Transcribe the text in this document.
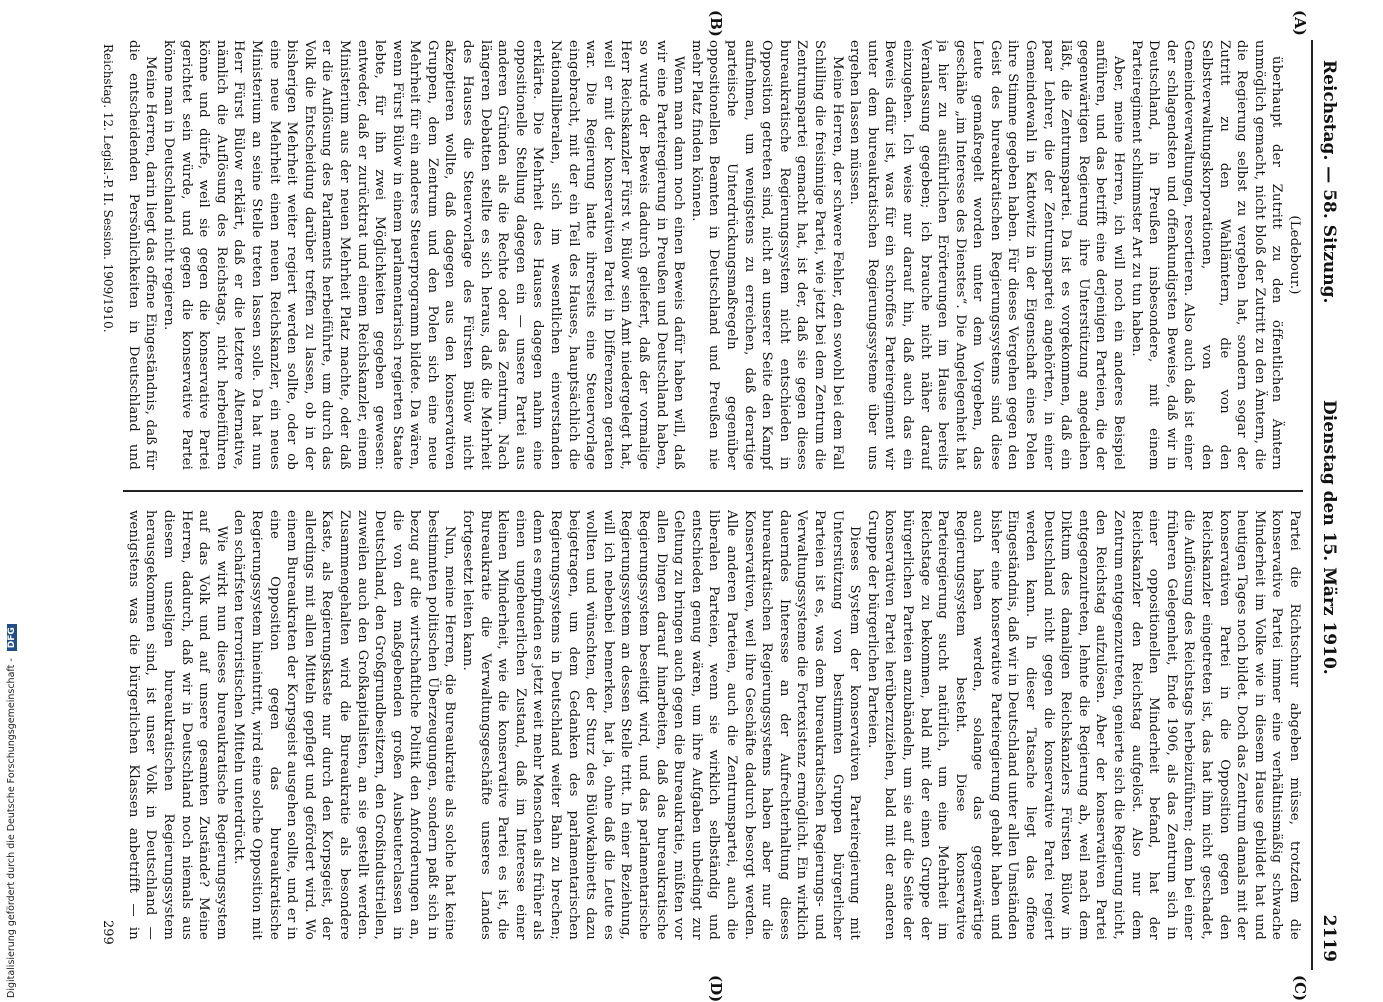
Reichstag. — 58. Sitzung.
Dienstag den 15. März 1910.
2119

(Ledebour.)

überhaupt der Zutritt zu den öffentlichen Ämtern unmöglich gemacht, nicht bloß der Zutritt zu den Ämtern, die die Regierung selbst zu vergeben hat, sondern sogar der Zutritt zu den Wahlämtern, die von den Selbstverwaltungskorporationen, von den Gemeindeverwaltungen, resortieren. Also auch daß ist einer der schlagendsten und offenkundigsten Beweise, daß wir in Deutschland, in Preußen insbesondere, mit einem Parteiregiment schlimmster Art zu tun haben.

Aber, meine Herren, ich will noch ein anderes Beispiel anführen, und das betrifft eine derjenigen Parteien, die der gegenwärtigen Regierung ihre Unterstützung angedeihen läßt, die Zentrumspartei. Da ist es vorgekommen, daß ein paar Lehrer, die der Zentrumspartei angehörten, in einer Gemeindewahl in Kattowitz in der Eigenschaft eines Polen ihre Stimme gegeben haben. Für dieses Vergehen gegen den Geist des bureaukratischen Regierungssystems sind diese Leute gemaßregelt worden unter dem Vorgeben, das geschähe „im Interesse des Dienstes“. Die Angelegenheit hat ja hier zu ausführlichen Erörterungen im Hause bereits Veranlassung gegeben; ich brauche nicht näher darauf einzugehen. Ich weise nur darauf hin, daß auch das ein Beweis dafür ist, was für ein schroffes Parteiregiment wir unter dem bureaukratischen Regierungssysteme über uns ergehen lassen müssen.

Meine Herren, der schwere Fehler, den sowohl bei dem Fall Schilling die freisinnige Partei, wie jetzt bei dem Zentrum die Zentrumspartei gemacht hat, ist der, daß sie gegen dieses bureaukratische Regierungssystem nicht entschieden in Opposition getreten sind, nicht an unserer Seite den Kampf aufnehmen, um wenigstens zu erreichen, daß derartige parteiische Unterdrückungsmaßregeln gegenüber oppositionellen Beamten in Deutschland und Preußen nie mehr Platz finden können.

Wenn man dann noch einen Beweis dafür haben will, daß wir eine Parteiregierung in Preußen und Deutschland haben, so wurde der Beweis dadurch geliefert, daß der vormalige Herr Reichskanzler Fürst v. Bülow sein Amt niedergelegt hat, weil er mit der konservativen Partei in Differenzen geraten war. Die Regierung hatte ihrerseits eine Steuervorlage eingebracht, mit der ein Teil des Hauses, hauptsächlich die Nationalliberalen, sich im wesentlichen einverstanden erklärte. Die Mehrheit des Hauses dagegen nahm eine oppositionelle Stellung dagegen ein — unsere Partei aus anderen Gründen als die Rechte oder das Zentrum. Nach längeren Debatten stellte es sich heraus, daß die Mehrheit des Hauses die Steuervorlage des Fürsten Bülow nicht akzeptieren wollte, daß dagegen aus den konservativen Gruppen, dem Zentrum und den Polen sich eine neue Mehrheit für ein anderes Steuerprogramm bildete. Da wären, wenn Fürst Bülow in einem parlamentarisch regierten Staate lebte, für ihn zwei Möglichkeiten gegeben gewesen: entweder, daß er zurücktrat und einem Reichskanzler, einem Ministerium aus der neuen Mehrheit Platz machte, oder daß er die Auflösung des Parlaments herbeiführte, um durch das Volk die Entscheidung darüber treffen zu lassen, ob in der bisherigen Mehrheit weiter regiert werden sollte, oder ob eine neue Mehrheit einen neuen Reichskanzler, ein neues Ministerium an seine Stelle treten lassen solle. Da hat nun Herr Fürst Bülow erklärt, daß er die letztere Alternative, nämlich die Auflösung des Reichstags, nicht herbeiführen könne und dürfe, weil sie gegen die konservative Partei gerichtet sein würde, und gegen die konservative Partei könne man in Deutschland nicht regieren.

Meine Herren, darin liegt das offene Eingeständnis, daß für die entscheidenden Persönlichkeiten in Deutschland und

Partei die Richtschnur abgeben müsse, trotzdem die konservative Partei immer eine verhältnismäßig schwache Minderheit im Volke wie in diesem Hause gebildet hat und heutigen Tages noch bildet. Doch das Zentrum damals mit der konservativen Partei in die Opposition gegen den Reichskanzler eingetreten ist, das hat ihm nicht geschadet, die Auflösung des Reichstags herbeizuführen; denn bei einer früheren Gelegenheit, Ende 1906, als das Zentrum sich in einer oppositionellen Minderheit befand, hat der Reichskanzler den Reichstag aufgelöst. Also nur dem Zentrum entgegenzutreten, genierte sich die Regierung nicht, den Reichstag aufzulösen. Aber der konservativen Partei entgegenzutreten, lehnte die Regierung ab, weil nach dem Diktum des damaligen Reichskanzlers Fürsten Bülow in Deutschland nicht gegen die konservative Partei regiert werden kann. In dieser Tatsache liegt das offene Eingeständnis, daß wir in Deutschland unter allen Umständen bisher eine konservative Parteiregierung gehabt haben und auch haben werden, solange das gegenwärtige Regierungssystem besteht. Diese konservative Parteiregierung sucht natürlich, um eine Mehrheit im Reichstage zu bekommen, bald mit der einen Gruppe der bürgerlichen Parteien anzubändeln, um sie auf die Seite der konservativen Partei herüberzuziehen, bald mit der anderen Gruppe der bürgerlichen Parteien.

Dieses System der konservativen Parteiregierung mit Unterstützung von bestimmten Gruppen bürgerlicher Parteien ist es, was dem bureaukratischen Regierungs- und Verwaltungssysteme die Fortexistenz ermöglicht. Ein wirklich dauerndes Interesse an der Aufrechterhaltung dieses bureaukratischen Regierungssystems haben aber nur die Konservativen, weil ihre Geschäfte dadurch besorgt werden. Alle anderen Parteien, auch die Zentrumspartei, auch die liberalen Parteien, wenn sie wirklich selbständig und entschieden genug wären, um ihre Aufgaben unbedingt zur Geltung zu bringen auch gegen die Bureaukratie, müßten vor allen Dingen darauf hinarbeiten, daß das bureaukratische Regierungssystem beseitigt wird, und das parlamentarische Regierungssystem an dessen Stelle tritt. In einer Beziehung, will ich nebenbei bemerken, hat ja, ohne daß die Leute es wollten und wünschten, der Sturz des Bülowkabinetts dazu beigetragen, um dem Gedanken des parlamentarischen Regierungssystems in Deutschland weiter Bahn zu brechen; denn es empfinden es jetzt weit mehr Menschen als früher als einen ungeheuerlichen Zustand, daß im Interesse einer kleinen Minderheit, wie die konservative Partei es ist, die Bureaukratie die Verwaltungsgeschäfte unseres Landes fortgesetzt leiten kann.

Nun, meine Herren, die Bureaukratie als solche hat keine bestimmten politischen Überzeugungen, sondern paßt sich in bezug auf die wirtschaftliche Politik den Anforderungen an, die von den maßgebenden großen Ausbeuterclassen in Deutschland, den Großgrundbesitzern, den Großindustriellen, zuweilen auch den Großkapitalisten, an sie gestellt werden. Zusammengehalten wird die Bureaukratie als besondere Kaste, als Regierungskaste nur durch den Korpsgeist, der allerdings mit allen Mitteln gepflegt und gefördert wird. Wo einem Bureaukraten der Korpsgeist ausgehen sollte, und er in eine Opposition gegen das bureaukratische Regierungssystem hineintritt, wird eine solche Opposition mit den schärfsten terroristischen Mitteln unterdrückt.

Wie wirkt nun dieses bureaukratische Regierungssystem auf das Volk und auf unsere gesamten Zustände? Meine Herren, dadurch, daß wir in Deutschland noch niemals aus diesem unseligen bureaukratischen Regierungssystem herausgekommen sind, ist unser Volk in Deutschland — wenigstens was die bürgerlichen Klassen anbetrifft — in

(A)
(B)
(C)
(D)
Reichstag. 12. Legisl.-P. II. Session. 1909/1910.
299
Digitalisierung gefördert durch die Deutsche Forschungsgemeinschaft - DFG
